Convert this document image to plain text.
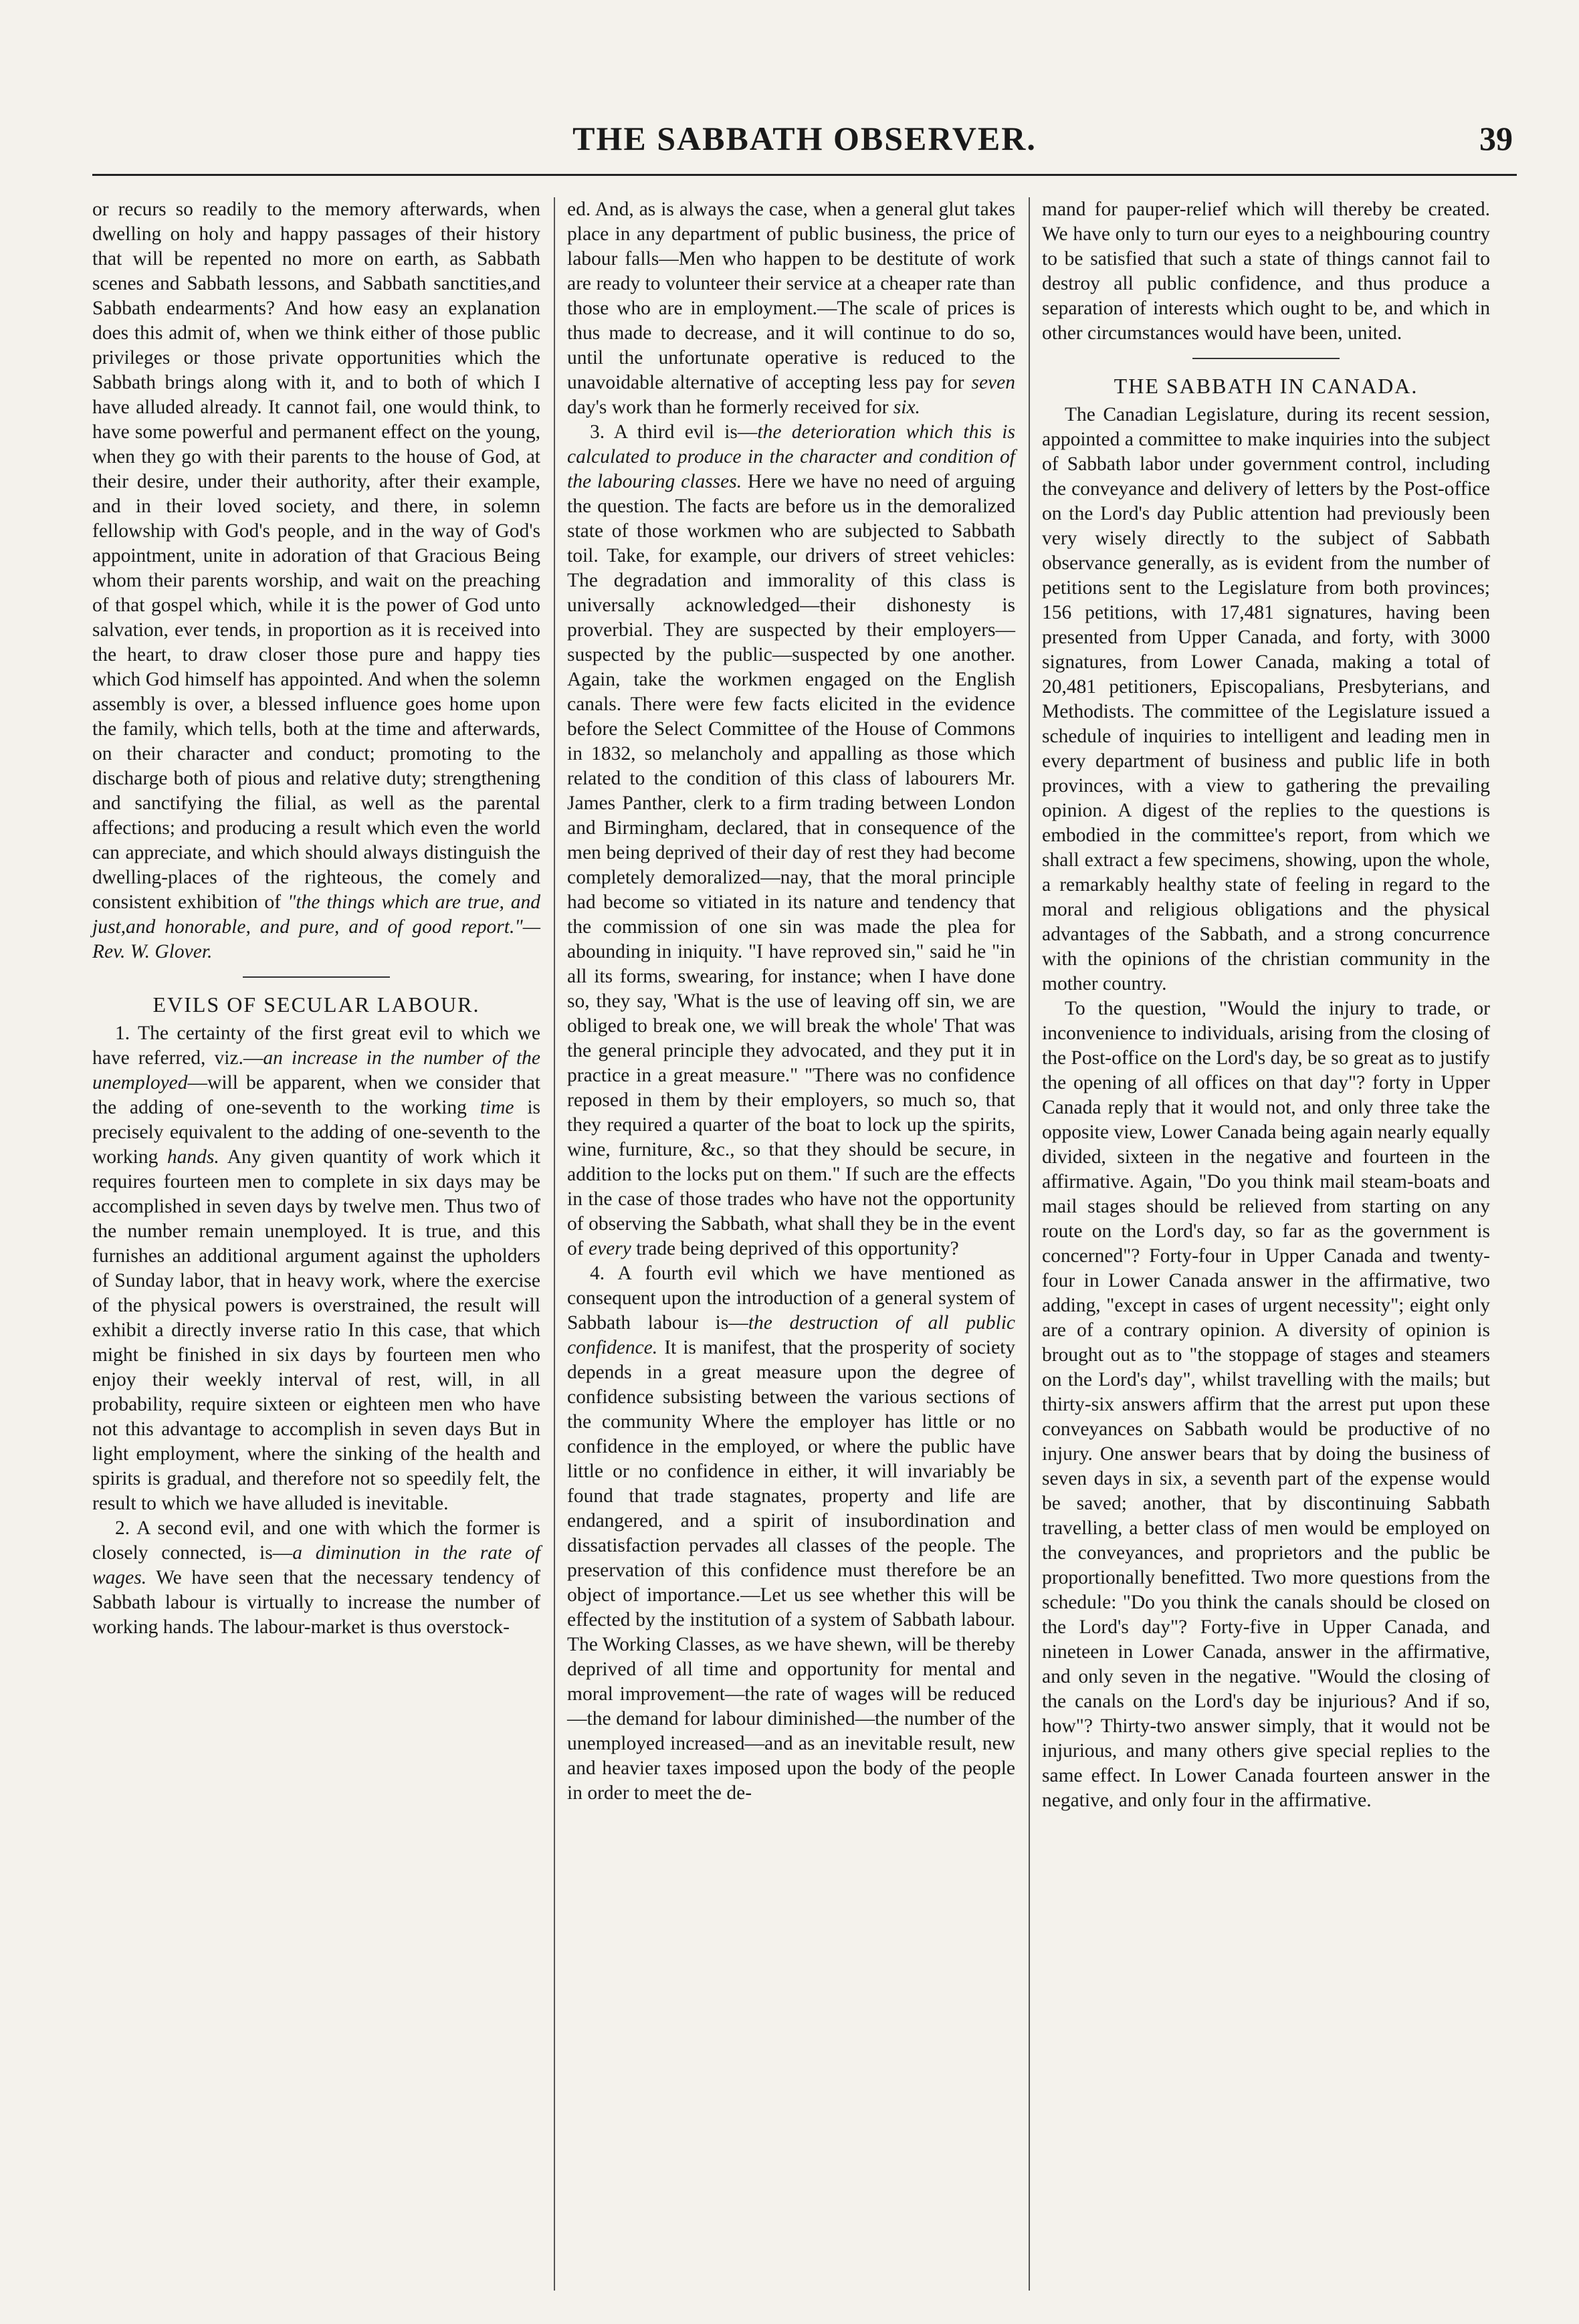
THE SABBATH OBSERVER.	39

or recurs so readily to the memory afterwards, when dwelling on holy and happy passages of their history that will be repented no more on earth, as Sabbath scenes and Sabbath lessons, and Sabbath sanctities,and Sabbath endearments? And how easy an explanation does this admit of, when we think either of those public privileges or those private opportunities which the Sabbath brings along with it, and to both of which I have alluded already. It cannot fail, one would think, to have some powerful and permanent effect on the young, when they go with their parents to the house of God, at their desire, under their authority, after their example, and in their loved society, and there, in solemn fellowship with God's people, and in the way of God's appointment, unite in adoration of that Gracious Being whom their parents worship, and wait on the preaching of that gospel which, while it is the power of God unto salvation, ever tends, in proportion as it is received into the heart, to draw closer those pure and happy ties which God himself has appointed. And when the solemn assembly is over, a blessed influence goes home upon the family, which tells, both at the time and afterwards, on their character and conduct; promoting to the discharge both of pious and relative duty; strengthening and sanctifying the filial, as well as the parental affections; and producing a result which even the world can appreciate, and which should always distinguish the dwelling-places of the righteous, the comely and consistent exhibition of "the things which are true, and just,and honorable, and pure, and of good report."—Rev. W. Glover.

EVILS OF SECULAR LABOUR.

1. The certainty of the first great evil to which we have referred, viz.—an increase in the number of the unemployed—will be apparent, when we consider that the adding of one-seventh to the working time is precisely equivalent to the adding of one-seventh to the working hands. Any given quantity of work which it requires fourteen men to complete in six days may be accomplished in seven days by twelve men. Thus two of the number remain unemployed. It is true, and this furnishes an additional argument against the upholders of Sunday labor, that in heavy work, where the exercise of the physical powers is overstrained, the result will exhibit a directly inverse ratio In this case, that which might be finished in six days by fourteen men who enjoy their weekly interval of rest, will, in all probability, require sixteen or eighteen men who have not this advantage to accomplish in seven days But in light employment, where the sinking of the health and spirits is gradual, and therefore not so speedily felt, the result to which we have alluded is inevitable.

2. A second evil, and one with which the former is closely connected, is—a diminution in the rate of wages. We have seen that the necessary tendency of Sabbath labour is virtually to increase the number of working hands. The labour-market is thus overstock-

ed. And, as is always the case, when a general glut takes place in any department of public business, the price of labour falls—Men who happen to be destitute of work are ready to volunteer their service at a cheaper rate than those who are in employment.—The scale of prices is thus made to decrease, and it will continue to do so, until the unfortunate operative is reduced to the unavoidable alternative of accepting less pay for seven day's work than he formerly received for six.

3. A third evil is—the deterioration which this is calculated to produce in the character and condition of the labouring classes. Here we have no need of arguing the question. The facts are before us in the demoralized state of those workmen who are subjected to Sabbath toil. Take, for example, our drivers of street vehicles: The degradation and immorality of this class is universally acknowledged—their dishonesty is proverbial. They are suspected by their employers—suspected by the public—suspected by one another. Again, take the workmen engaged on the English canals. There were few facts elicited in the evidence before the Select Committee of the House of Commons in 1832, so melancholy and appalling as those which related to the condition of this class of labourers Mr. James Panther, clerk to a firm trading between London and Birmingham, declared, that in consequence of the men being deprived of their day of rest they had become completely demoralized—nay, that the moral principle had become so vitiated in its nature and tendency that the commission of one sin was made the plea for abounding in iniquity. "I have reproved sin," said he "in all its forms, swearing, for instance; when I have done so, they say, 'What is the use of leaving off sin, we are obliged to break one, we will break the whole' That was the general principle they advocated, and they put it in practice in a great measure." "There was no confidence reposed in them by their employers, so much so, that they required a quarter of the boat to lock up the spirits, wine, furniture, &c., so that they should be secure, in addition to the locks put on them." If such are the effects in the case of those trades who have not the opportunity of observing the Sabbath, what shall they be in the event of every trade being deprived of this opportunity?

4. A fourth evil which we have mentioned as consequent upon the introduction of a general system of Sabbath labour is—the destruction of all public confidence. It is manifest, that the prosperity of society depends in a great measure upon the degree of confidence subsisting between the various sections of the community Where the employer has little or no confidence in the employed, or where the public have little or no confidence in either, it will invariably be found that trade stagnates, property and life are endangered, and a spirit of insubordination and dissatisfaction pervades all classes of the people. The preservation of this confidence must therefore be an object of importance.—Let us see whether this will be effected by the institution of a system of Sabbath labour. The Working Classes, as we have shewn, will be thereby deprived of all time and opportunity for mental and moral improvement—the rate of wages will be reduced—the demand for labour diminished—the number of the unemployed increased—and as an inevitable result, new and heavier taxes imposed upon the body of the people in order to meet the de-

mand for pauper-relief which will thereby be created. We have only to turn our eyes to a neighbouring country to be satisfied that such a state of things cannot fail to destroy all public confidence, and thus produce a separation of interests which ought to be, and which in other circumstances would have been, united.

THE SABBATH IN CANADA.

The Canadian Legislature, during its recent session, appointed a committee to make inquiries into the subject of Sabbath labor under government control, including the conveyance and delivery of letters by the Post-office on the Lord's day Public attention had previously been very wisely directly to the subject of Sabbath observance generally, as is evident from the number of petitions sent to the Legislature from both provinces; 156 petitions, with 17,481 signatures, having been presented from Upper Canada, and forty, with 3000 signatures, from Lower Canada, making a total of 20,481 petitioners, Episcopalians, Presbyterians, and Methodists. The committee of the Legislature issued a schedule of inquiries to intelligent and leading men in every department of business and public life in both provinces, with a view to gathering the prevailing opinion. A digest of the replies to the questions is embodied in the committee's report, from which we shall extract a few specimens, showing, upon the whole, a remarkably healthy state of feeling in regard to the moral and religious obligations and the physical advantages of the Sabbath, and a strong concurrence with the opinions of the christian community in the mother country.

To the question, "Would the injury to trade, or inconvenience to individuals, arising from the closing of the Post-office on the Lord's day, be so great as to justify the opening of all offices on that day"? forty in Upper Canada reply that it would not, and only three take the opposite view, Lower Canada being again nearly equally divided, sixteen in the negative and fourteen in the affirmative. Again, "Do you think mail steam-boats and mail stages should be relieved from starting on any route on the Lord's day, so far as the government is concerned"? Forty-four in Upper Canada and twenty-four in Lower Canada answer in the affirmative, two adding, "except in cases of urgent necessity"; eight only are of a contrary opinion. A diversity of opinion is brought out as to "the stoppage of stages and steamers on the Lord's day", whilst travelling with the mails; but thirty-six answers affirm that the arrest put upon these conveyances on Sabbath would be productive of no injury. One answer bears that by doing the business of seven days in six, a seventh part of the expense would be saved; another, that by discontinuing Sabbath travelling, a better class of men would be employed on the conveyances, and proprietors and the public be proportionally benefitted. Two more questions from the schedule: "Do you think the canals should be closed on the Lord's day"? Forty-five in Upper Canada, and nineteen in Lower Canada, answer in the affirmative, and only seven in the negative. "Would the closing of the canals on the Lord's day be injurious? And if so, how"? Thirty-two answer simply, that it would not be injurious, and many others give special replies to the same effect. In Lower Canada fourteen answer in the negative, and only four in the affirmative.
